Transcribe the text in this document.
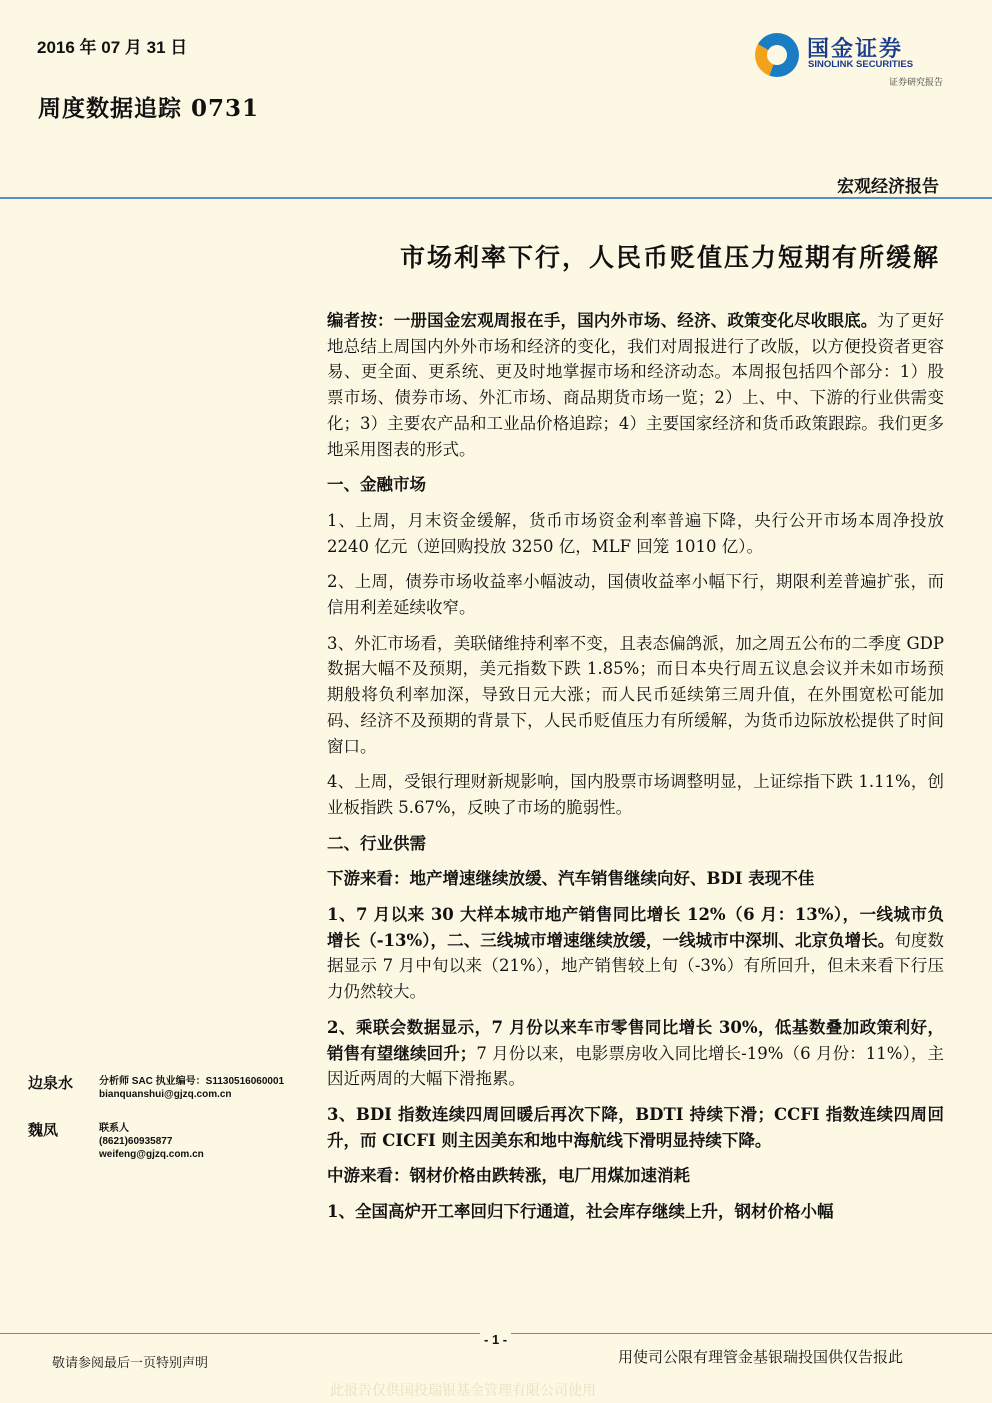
2016 年 07 月 31 日
周度数据追踪 0731
国金证券
SINOLINK SECURITIES
证券研究报告
宏观经济报告
市场利率下行，人民币贬值压力短期有所缓解

编者按：一册国金宏观周报在手，国内外市场、经济、政策变化尽收眼底。为了更好地总结上周国内外外市场和经济的变化，我们对周报进行了改版，以方便投资者更容易、更全面、更系统、更及时地掌握市场和经济动态。本周报包括四个部分：1）股票市场、债券市场、外汇市场、商品期货市场一览；2）上、中、下游的行业供需变化；3）主要农产品和工业品价格追踪；4）主要国家经济和货币政策跟踪。我们更多地采用图表的形式。

一、金融市场

1、上周，月末资金缓解，货币市场资金利率普遍下降，央行公开市场本周净投放 2240 亿元（逆回购投放 3250 亿，MLF 回笼 1010 亿）。

2、上周，债券市场收益率小幅波动，国债收益率小幅下行，期限利差普遍扩张，而信用利差延续收窄。

3、外汇市场看，美联储维持利率不变，且表态偏鸽派，加之周五公布的二季度 GDP 数据大幅不及预期，美元指数下跌 1.85%；而日本央行周五议息会议并未如市场预期般将负利率加深，导致日元大涨；而人民币延续第三周升值，在外围宽松可能加码、经济不及预期的背景下，人民币贬值压力有所缓解，为货币边际放松提供了时间窗口。

4、上周，受银行理财新规影响，国内股票市场调整明显，上证综指下跌 1.11%，创业板指跌 5.67%，反映了市场的脆弱性。

二、行业供需
下游来看：地产增速继续放缓、汽车销售继续向好、BDI 表现不佳

1、7 月以来 30 大样本城市地产销售同比增长 12%（6 月：13%），一线城市负增长（-13%），二、三线城市增速继续放缓，一线城市中深圳、北京负增长。旬度数据显示 7 月中旬以来（21%），地产销售较上旬（-3%）有所回升，但未来看下行压力仍然较大。

2、乘联会数据显示，7 月份以来车市零售同比增长 30%，低基数叠加政策利好，销售有望继续回升；7 月份以来，电影票房收入同比增长-19%（6 月份：11%），主因近两周的大幅下滑拖累。

3、BDI 指数连续四周回暖后再次下降，BDTI 持续下滑；CCFI 指数连续四周回升，而 CICFI 则主因美东和地中海航线下滑明显持续下降。

中游来看：钢材价格由跌转涨，电厂用煤加速消耗

1、全国高炉开工率回归下行通道，社会库存继续上升，钢材价格小幅

边泉水	分析师 SAC 执业编号：S1130516060001
bianquanshui@gjzq.com.cn
魏凤	联系人
(8621)60935877
weifeng@gjzq.com.cn
- 1 -
敬请参阅最后一页特别声明	用使司公限有理管金基银瑞投国供仅告报此
此报告仅供国投瑞银基金管理有限公司使用
